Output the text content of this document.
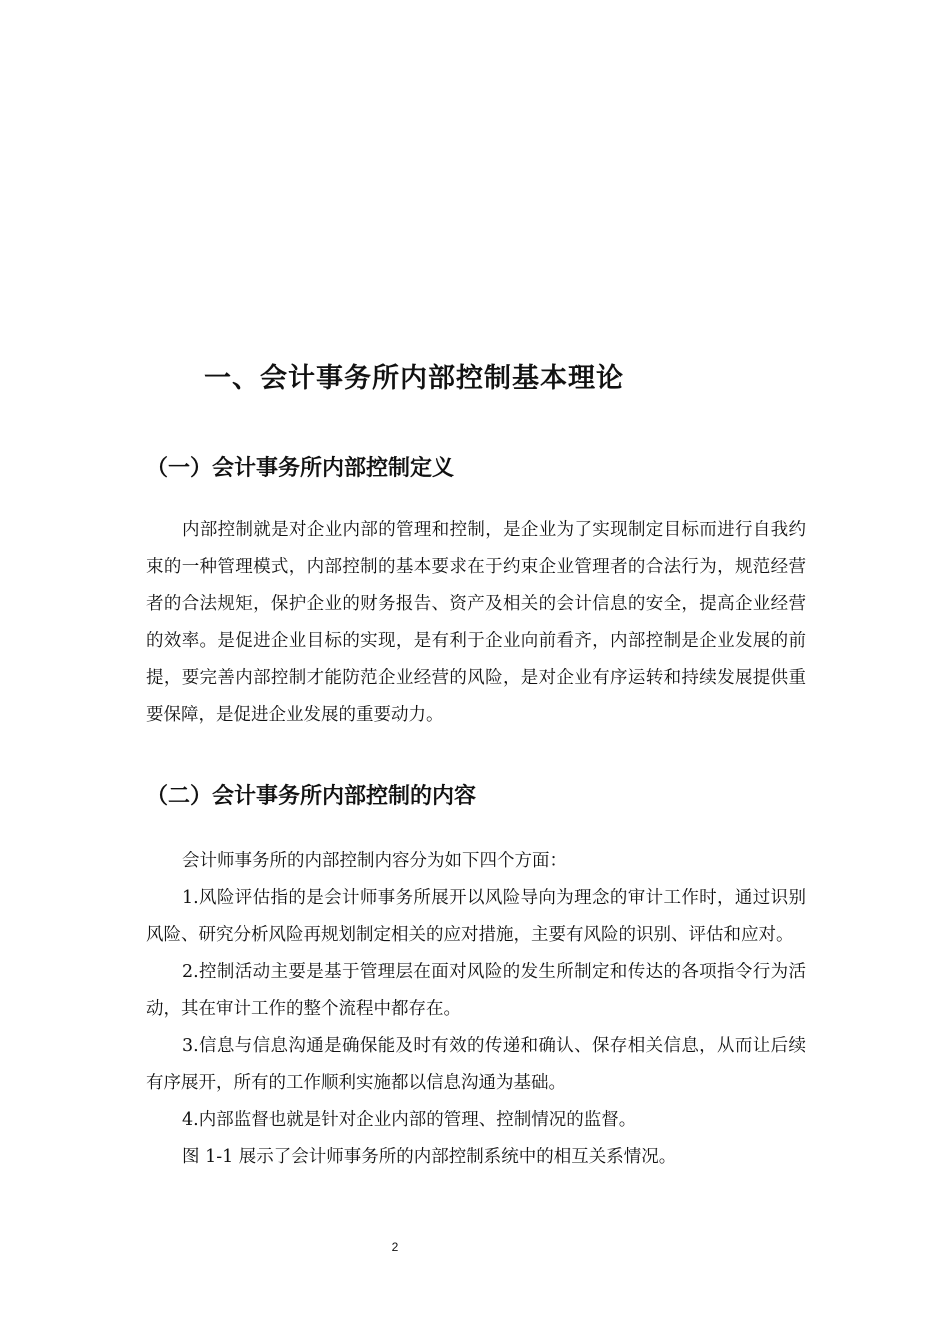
一、会计事务所内部控制基本理论
（一）会计事务所内部控制定义

内部控制就是对企业内部的管理和控制，是企业为了实现制定目标而进行自我约束的一种管理模式，内部控制的基本要求在于约束企业管理者的合法行为，规范经营者的合法规矩，保护企业的财务报告、资产及相关的会计信息的安全，提高企业经营的效率。是促进企业目标的实现，是有利于企业向前看齐，内部控制是企业发展的前提，要完善内部控制才能防范企业经营的风险，是对企业有序运转和持续发展提供重要保障，是促进企业发展的重要动力。

（二）会计事务所内部控制的内容

会计师事务所的内部控制内容分为如下四个方面：

1.风险评估指的是会计师事务所展开以风险导向为理念的审计工作时，通过识别风险、研究分析风险再规划制定相关的应对措施，主要有风险的识别、评估和应对。

2.控制活动主要是基于管理层在面对风险的发生所制定和传达的各项指令行为活动，其在审计工作的整个流程中都存在。

3.信息与信息沟通是确保能及时有效的传递和确认、保存相关信息，从而让后续有序展开，所有的工作顺利实施都以信息沟通为基础。

4.内部监督也就是针对企业内部的管理、控制情况的监督。

图 1-1 展示了会计师事务所的内部控制系统中的相互关系情况。

2
